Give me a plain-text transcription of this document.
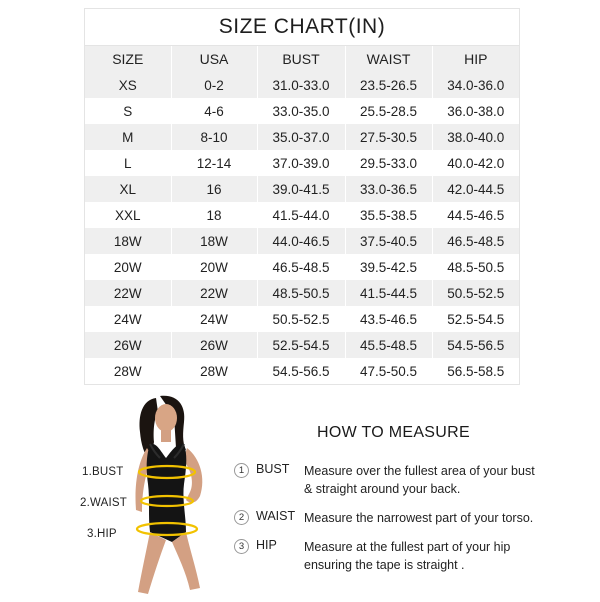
SIZE CHART(IN)
SIZE	USA	BUST	WAIST	HIP
XS	0-2	31.0-33.0	23.5-26.5	34.0-36.0
S	4-6	33.0-35.0	25.5-28.5	36.0-38.0
M	8-10	35.0-37.0	27.5-30.5	38.0-40.0
L	12-14	37.0-39.0	29.5-33.0	40.0-42.0
XL	16	39.0-41.5	33.0-36.5	42.0-44.5
XXL	18	41.5-44.0	35.5-38.5	44.5-46.5
18W	18W	44.0-46.5	37.5-40.5	46.5-48.5
20W	20W	46.5-48.5	39.5-42.5	48.5-50.5
22W	22W	48.5-50.5	41.5-44.5	50.5-52.5
24W	24W	50.5-52.5	43.5-46.5	52.5-54.5
26W	26W	52.5-54.5	45.5-48.5	54.5-56.5
28W	28W	54.5-56.5	47.5-50.5	56.5-58.5
1.BUST
2.WAIST
3.HIP
HOW TO MEASURE
1 BUST Measure over the fullest area of your bust & straight around your back.
2 WAIST Measure the narrowest part of your torso.
3 HIP Measure at the fullest part of your hip ensuring the tape is straight .
